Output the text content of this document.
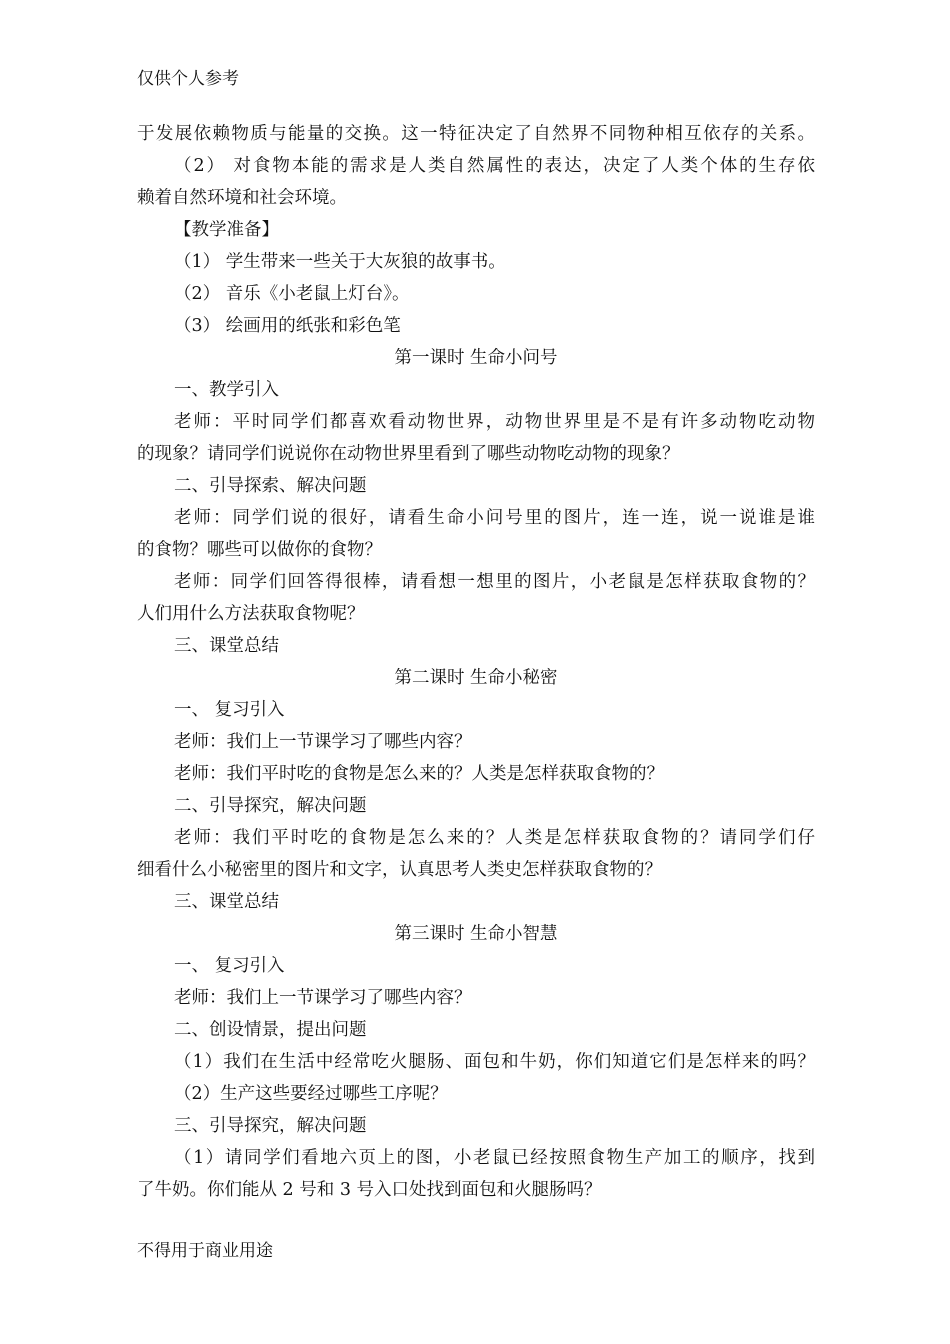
仅供个人参考
于发展依赖物质与能量的交换。这一特征决定了自然界不同物种相互依存的关系。
（2） 对食物本能的需求是人类自然属性的表达，决定了人类个体的生存依
赖着自然环境和社会环境。
【教学准备】
（1） 学生带来一些关于大灰狼的故事书。
（2） 音乐《小老鼠上灯台》。
（3） 绘画用的纸张和彩色笔
第一课时 生命小问号
一、教学引入
老师：平时同学们都喜欢看动物世界，动物世界里是不是有许多动物吃动物
的现象？请同学们说说你在动物世界里看到了哪些动物吃动物的现象？
二、引导探索、解决问题
老师：同学们说的很好，请看生命小问号里的图片，连一连，说一说谁是谁
的食物？哪些可以做你的食物？
老师：同学们回答得很棒，请看想一想里的图片，小老鼠是怎样获取食物的？
人们用什么方法获取食物呢？
三、课堂总结
第二课时 生命小秘密
一、 复习引入
老师：我们上一节课学习了哪些内容？
老师：我们平时吃的食物是怎么来的？人类是怎样获取食物的？
二、引导探究，解决问题
老师：我们平时吃的食物是怎么来的？人类是怎样获取食物的？请同学们仔
细看什么小秘密里的图片和文字，认真思考人类史怎样获取食物的？
三、课堂总结
第三课时 生命小智慧
一、 复习引入
老师：我们上一节课学习了哪些内容？
二、创设情景，提出问题
（1）我们在生活中经常吃火腿肠、面包和牛奶，你们知道它们是怎样来的吗？
（2）生产这些要经过哪些工序呢？
三、引导探究，解决问题
（1）请同学们看地六页上的图，小老鼠已经按照食物生产加工的顺序，找到
了牛奶。你们能从 2 号和 3 号入口处找到面包和火腿肠吗？
不得用于商业用途
